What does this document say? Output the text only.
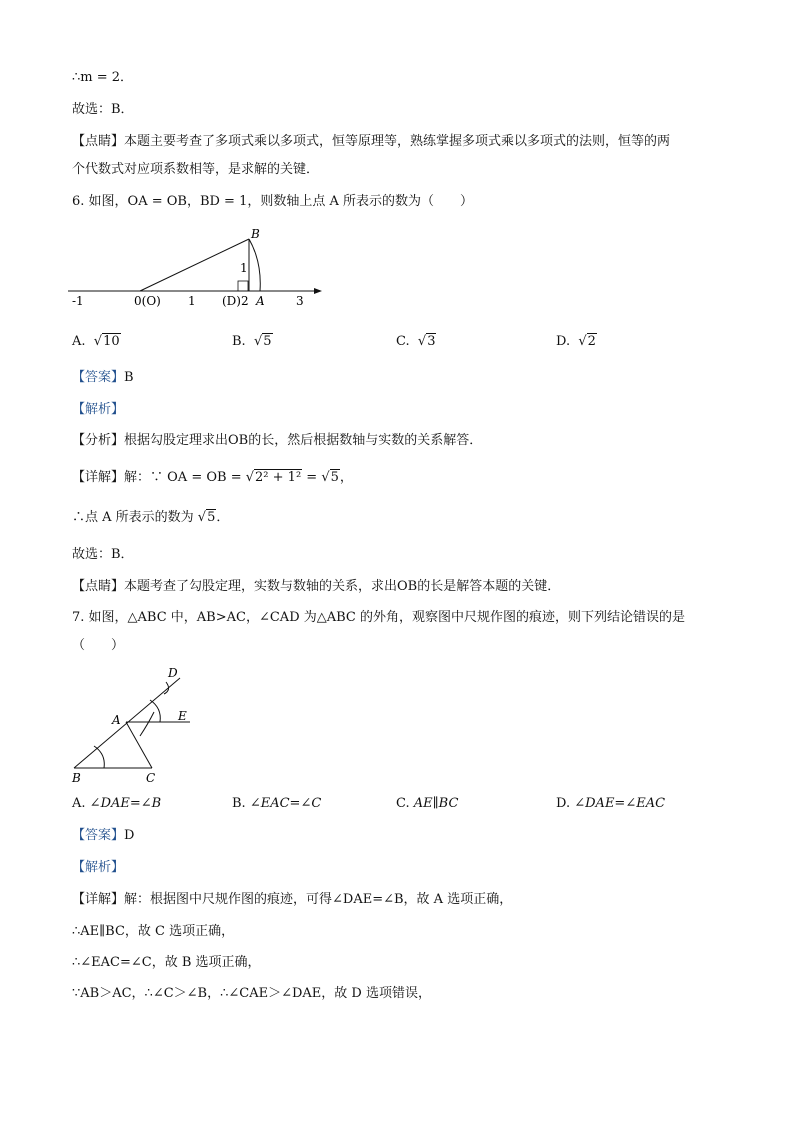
∴m = 2．
故选：B．
【点睛】本题主要考查了多项式乘以多项式，恒等原理等，熟练掌握多项式乘以多项式的法则，恒等的两
个代数式对应项系数相等，是求解的关键．
6. 如图，OA = OB，BD = 1，则数轴上点 A 所表示的数为（　　）
-1	0(O) 1 (D)2 A	3
B
1
A.  √10	B.  √5	C.  √3	D.  √2
【答案】B
【解析】
【分析】根据勾股定理求出OB的长，然后根据数轴与实数的关系解答．
【详解】解：∵ OA = OB = √2² + 1² = √5，
∴点 A 所表示的数为 √5．
故选：B．
【点睛】本题考查了勾股定理，实数与数轴的关系，求出OB的长是解答本题的关键．
7. 如图，△ABC 中，AB>AC，∠CAD 为△ABC 的外角，观察图中尺规作图的痕迹，则下列结论错误的是
（　　）
D
A	E
B	C
A. ∠DAE=∠B	B. ∠EAC=∠C	C. AE∥BC	D. ∠DAE=∠EAC
【答案】D
【解析】
【详解】解：根据图中尺规作图的痕迹，可得∠DAE=∠B，故 A 选项正确，
∴AE∥BC，故 C 选项正确，
∴∠EAC=∠C，故 B 选项正确，
∵AB＞AC，∴∠C＞∠B，∴∠CAE＞∠DAE，故 D 选项错误，
